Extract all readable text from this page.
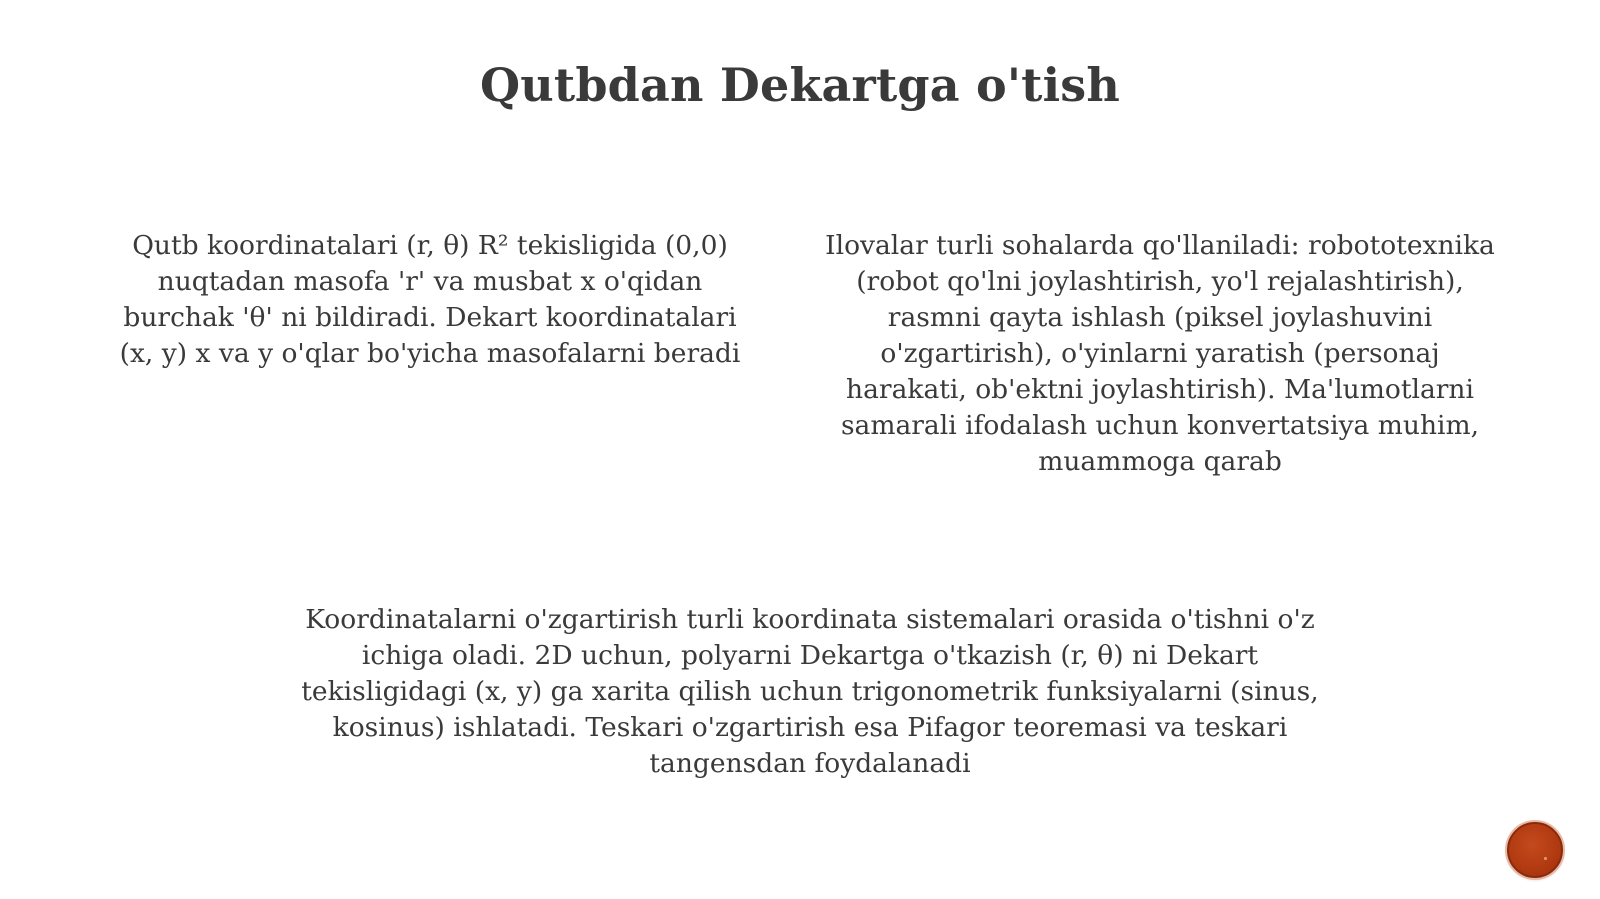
Qutbdan Dekartga o'tish

Qutb koordinatalari (r, θ) R² tekisligida (0,0) nuqtadan masofa 'r' va musbat x o'qidan burchak 'θ' ni bildiradi. Dekart koordinatalari (x, y) x va y o'qlar bo'yicha masofalarni beradi

Ilovalar turli sohalarda qo'llaniladi: robototexnika (robot qo'lni joylashtirish, yo'l rejalashtirish), rasmni qayta ishlash (piksel joylashuvini o'zgartirish), o'yinlarni yaratish (personaj harakati, ob'ektni joylashtirish). Ma'lumotlarni samarali ifodalash uchun konvertatsiya muhim, muammoga qarab

Koordinatalarni o'zgartirish turli koordinata sistemalari orasida o'tishni o'z ichiga oladi. 2D uchun, polyarni Dekartga o'tkazish (r, θ) ni Dekart tekisligidagi (x, y) ga xarita qilish uchun trigonometrik funksiyalarni (sinus, kosinus) ishlatadi. Teskari o'zgartirish esa Pifagor teoremasi va teskari tangensdan foydalanadi
